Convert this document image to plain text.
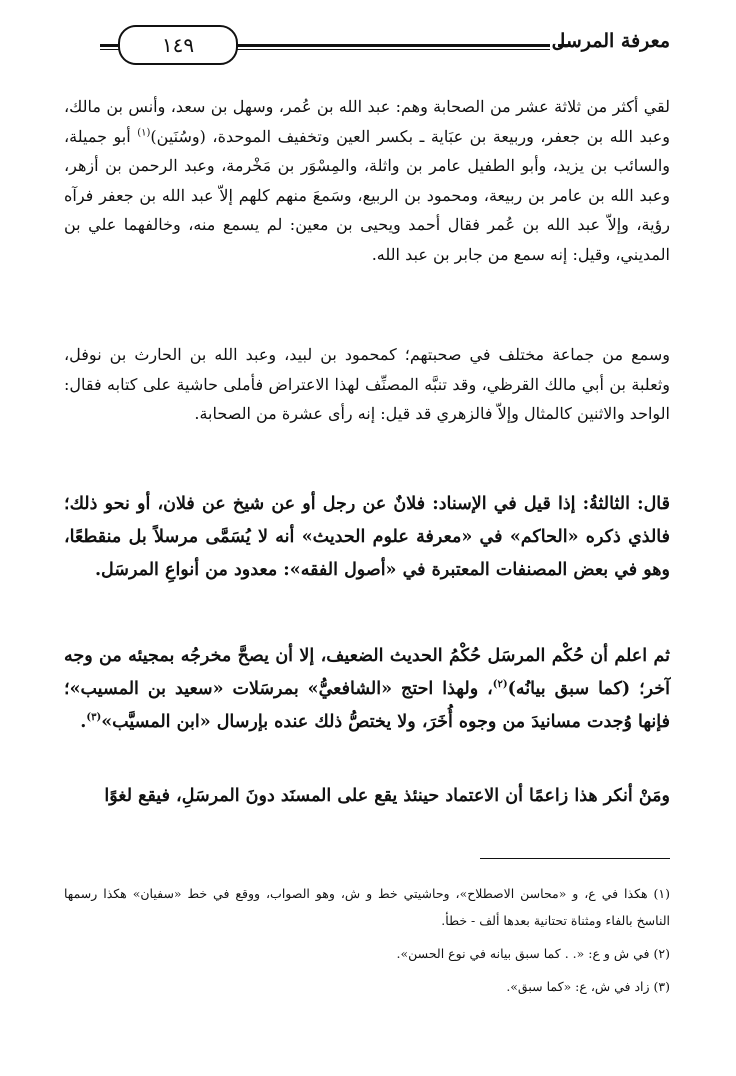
١٤٩	معرفة المرسل
لقي أكثر من ثلاثة عشر من الصحابة وهم: عبد الله بن عُمر، وسهل بن سعد، وأنس بن مالك، وعبد الله بن جعفر، وربيعة بن عبَاية ـ بكسر العين وتخفيف الموحدة، (وسُنَين)$^{(١)}$ أبو جميلة، والسائب بن يزيد، وأبو الطفيل عامر بن واثلة، والمِسْوَر بن مَخْرمة، وعبد الرحمن بن أزهر، وعبد الله بن عامر بن ربيعة، ومحمود بن الربيع، وسَمعَ منهم كلهم إلاّ عبد الله بن جعفر فرآه رؤية، وإلاّ عبد الله بن عُمر فقال أحمد ويحيى بن معين: لم يسمع منه، وخالفهما علي بن المديني، وقيل: إنه سمع من جابر بن عبد الله.
وسمع من جماعة مختلف في صحبتهم؛ كمحمود بن لبيد، وعبد الله بن الحارث بن نوفل، وثعلبة بن أبي مالك القرظي، وقد تنبَّه المصنِّف لهذا الاعتراض فأملى حاشية على كتابه فقال: الواحد والاثنين كالمثال وإلاّ فالزهري قد قيل: إنه رأى عشرة من الصحابة.
قال: الثالثةُ: إذا قيل في الإسناد: فلانٌ عن رجل أو عن شيخ عن فلان، أو نحو ذلك؛ فالذي ذكره «الحاكم» في «معرفة علوم الحديث» أنه لا يُسَمَّى مرسلاً بل منقطعًا، وهو في بعض المصنفات المعتبرة في «أصول الفقه»: معدود من أنواعِ المرسَل.
ثم اعلم أن حُكْم المرسَل حُكْمُ الحديث الضعيف، إلا أن يصحَّ مخرجُه بمجيئه من وجه آخر؛ (كما سبق بيانُه)$^{(٢)}$، ولهذا احتج «الشافعيُّ» بمرسَلات «سعيد بن المسيب»؛ فإنها وُجدت مسانيدَ من وجوه أُخَرَ، ولا يختصُّ ذلك عنده بإرسال «ابن المسيَّب»$^{(٣)}$.
ومَنْ أنكر هذا زاعمًا أن الاعتماد حينئذ يقع على المسنَد دونَ المرسَلِ، فيقع لغوًا

(١) هكذا في ع، و «محاسن الاصطلاح»، وحاشيتي خط و ش، وهو الصواب، ووقع في خط «سفيان» هكذا رسمها الناسخ بالفاء ومثناة تحتانية بعدها ألف - خطأ.

(٢) في ش و ع: «. . كما سبق بيانه في نوع الحسن».

(٣) زاد في ش، ع: «كما سبق».
